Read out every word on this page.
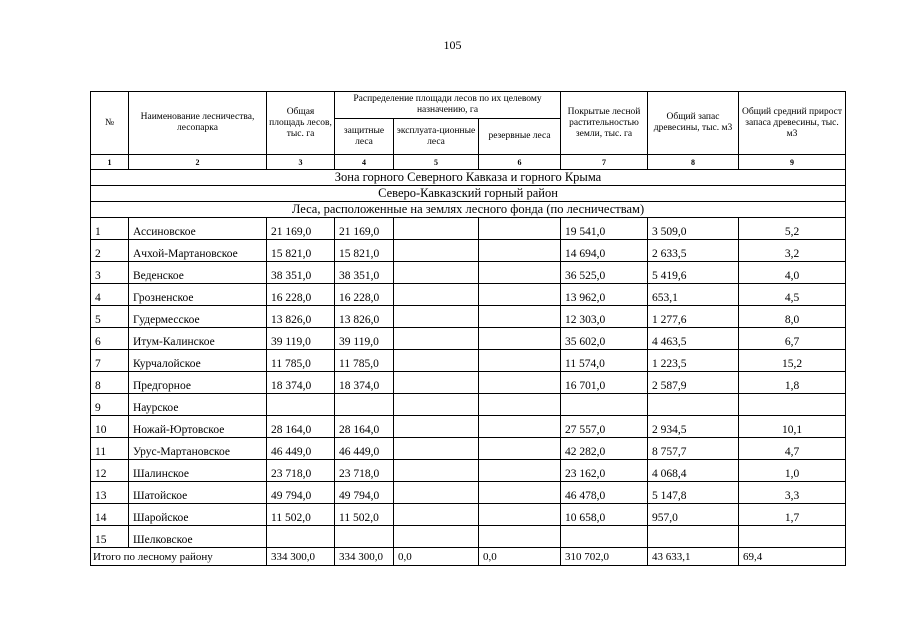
105
№	Наименование лесничества, лесопарка	Общая площадь лесов, тыс. га	Распределение площади лесов по их целевому назначению, га			Покрытые лесной растительностью земли, тыс. га	Общий запас древесины, тыс. м3	Общий средний прирост запаса древесины, тыс. м3
			защитные леса	эксплуата-ционные леса	резервные леса			
1	2	3	4	5	6	7	8	9
Зона горного Северного Кавказа и горного Крыма								
Северо-Кавказский горный район								
Леса, расположенные на землях лесного фонда (по лесничествам)								
1	Ассиновское	21 169,0	21 169,0			19 541,0	3 509,0	5,2
2	Ачхой-Мартановское	15 821,0	15 821,0			14 694,0	2 633,5	3,2
3	Веденское	38 351,0	38 351,0			36 525,0	5 419,6	4,0
4	Грозненское	16 228,0	16 228,0			13 962,0	653,1	4,5
5	Гудермесское	13 826,0	13 826,0			12 303,0	1 277,6	8,0
6	Итум-Калинское	39 119,0	39 119,0			35 602,0	4 463,5	6,7
7	Курчалойское	11 785,0	11 785,0			11 574,0	1 223,5	15,2
8	Предгорное	18 374,0	18 374,0			16 701,0	2 587,9	1,8
9	Наурское							
10	Ножай-Юртовское	28 164,0	28 164,0			27 557,0	2 934,5	10,1
11	Урус-Мартановское	46 449,0	46 449,0			42 282,0	8 757,7	4,7
12	Шалинское	23 718,0	23 718,0			23 162,0	4 068,4	1,0
13	Шатойское	49 794,0	49 794,0			46 478,0	5 147,8	3,3
14	Шаройское	11 502,0	11 502,0			10 658,0	957,0	1,7
15	Шелковское							
Итого по лесному району		334 300,0	334 300,0	0,0	0,0	310 702,0	43 633,1	69,4
